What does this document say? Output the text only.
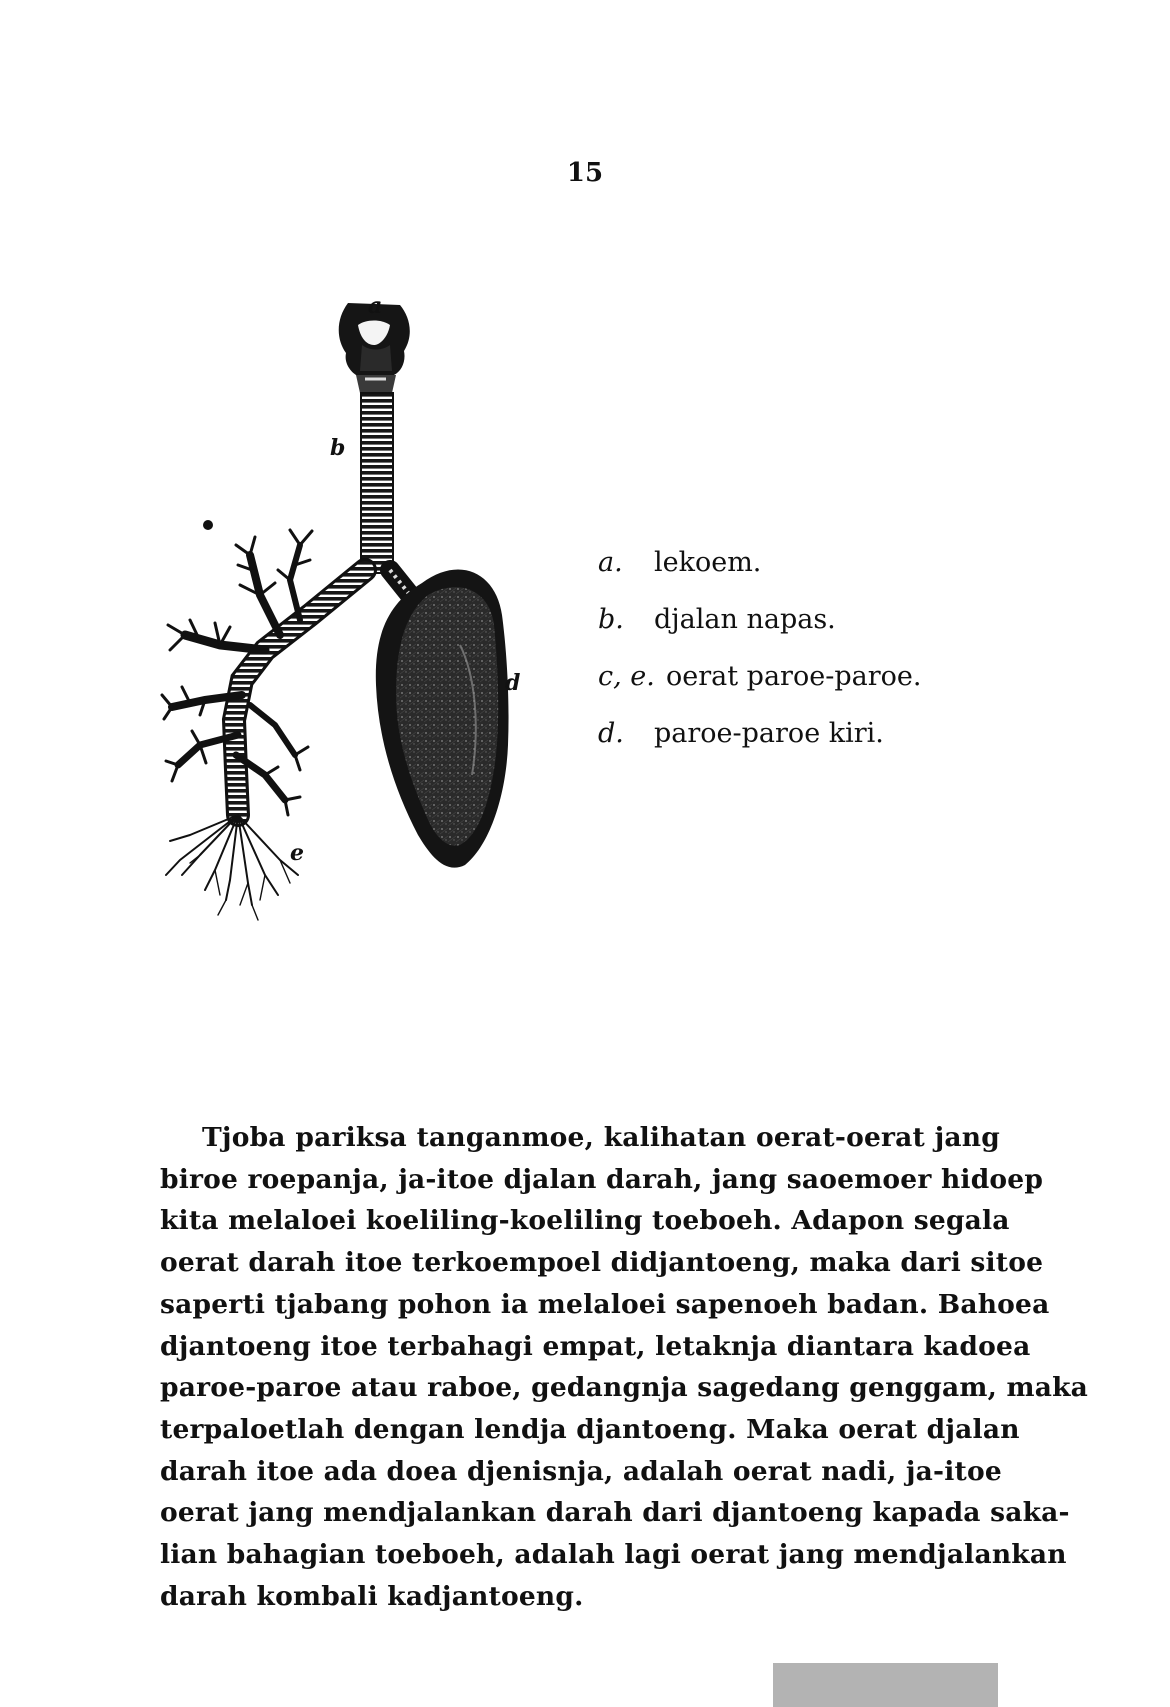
15
a
b
d
e
a.	lekoem.
b.	djalan napas.
c, e. oerat paroe-paroe.
d.	paroe-paroe kiri.
Tjoba pariksa tanganmoe, kalihatan oerat-oerat jang
biroe roepanja, ja-itoe djalan darah, jang saoemoer hidoep
kita melaloei koeliling-koeliling toeboeh. Adapon segala
oerat darah itoe terkoempoel didjantoeng, maka dari sitoe
saperti tjabang pohon ia melaloei sapenoeh badan. Bahoea
djantoeng itoe terbahagi empat, letaknja diantara kadoea
paroe-paroe atau raboe, gedangnja sagedang genggam, maka
terpaloetlah dengan lendja djantoeng. Maka oerat djalan
darah itoe ada doea djenisnja, adalah oerat nadi, ja-itoe
oerat jang mendjalankan darah dari djantoeng kapada saka-
lian bahagian toeboeh, adalah lagi oerat jang mendjalankan
darah kombali kadjantoeng.
